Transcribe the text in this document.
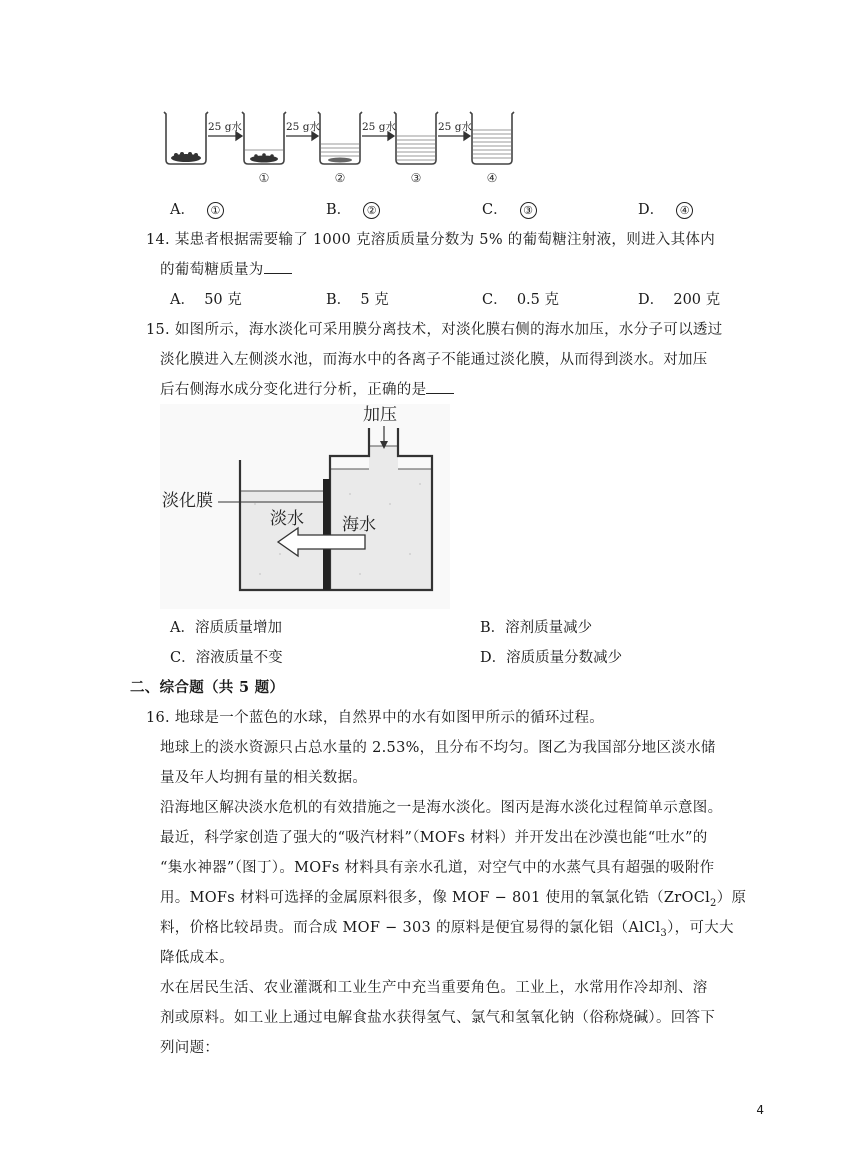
25 g水	25 g水	25 g水	25 g水
①	②	③	④
A． ①	B． ②	C． ③	D． ④
14. 某患者根据需要输了 1000 克溶质质量分数为 5% 的葡萄糖注射液，则进入其体内
的葡萄糖质量为
A． 50 克	B． 5 克	C． 0.5 克	D． 200 克
15. 如图所示，海水淡化可采用膜分离技术，对淡化膜右侧的海水加压，水分子可以透过
淡化膜进入左侧淡水池，而海水中的各离子不能通过淡化膜，从而得到淡水。对加压
后右侧海水成分变化进行分析，正确的是
加压
淡化膜
淡水 海水
A．溶质质量增加	B．溶剂质量减少
C．溶液质量不变	D．溶质质量分数减少
二、综合题（共 5 题）
16. 地球是一个蓝色的水球，自然界中的水有如图甲所示的循环过程。
地球上的淡水资源只占总水量的 2.53%，且分布不均匀。图乙为我国部分地区淡水储
量及年人均拥有量的相关数据。
沿海地区解决淡水危机的有效措施之一是海水淡化。图丙是海水淡化过程简单示意图。
最近，科学家创造了强大的“吸汽材料”（MOFs 材料）并开发出在沙漠也能“吐水”的
“集水神器”（图丁）。MOFs 材料具有亲水孔道，对空气中的水蒸气具有超强的吸附作
用。MOFs 材料可选择的金属原料很多，像 MOF − 801 使用的氧氯化锆（ZrOCl$_2$）原
料，价格比较昂贵。而合成 MOF − 303 的原料是便宜易得的氯化铝（AlCl$_3$），可大大
降低成本。
水在居民生活、农业灌溉和工业生产中充当重要角色。工业上，水常用作冷却剂、溶
剂或原料。如工业上通过电解食盐水获得氢气、氯气和氢氧化钠（俗称烧碱）。回答下
列问题：
4
